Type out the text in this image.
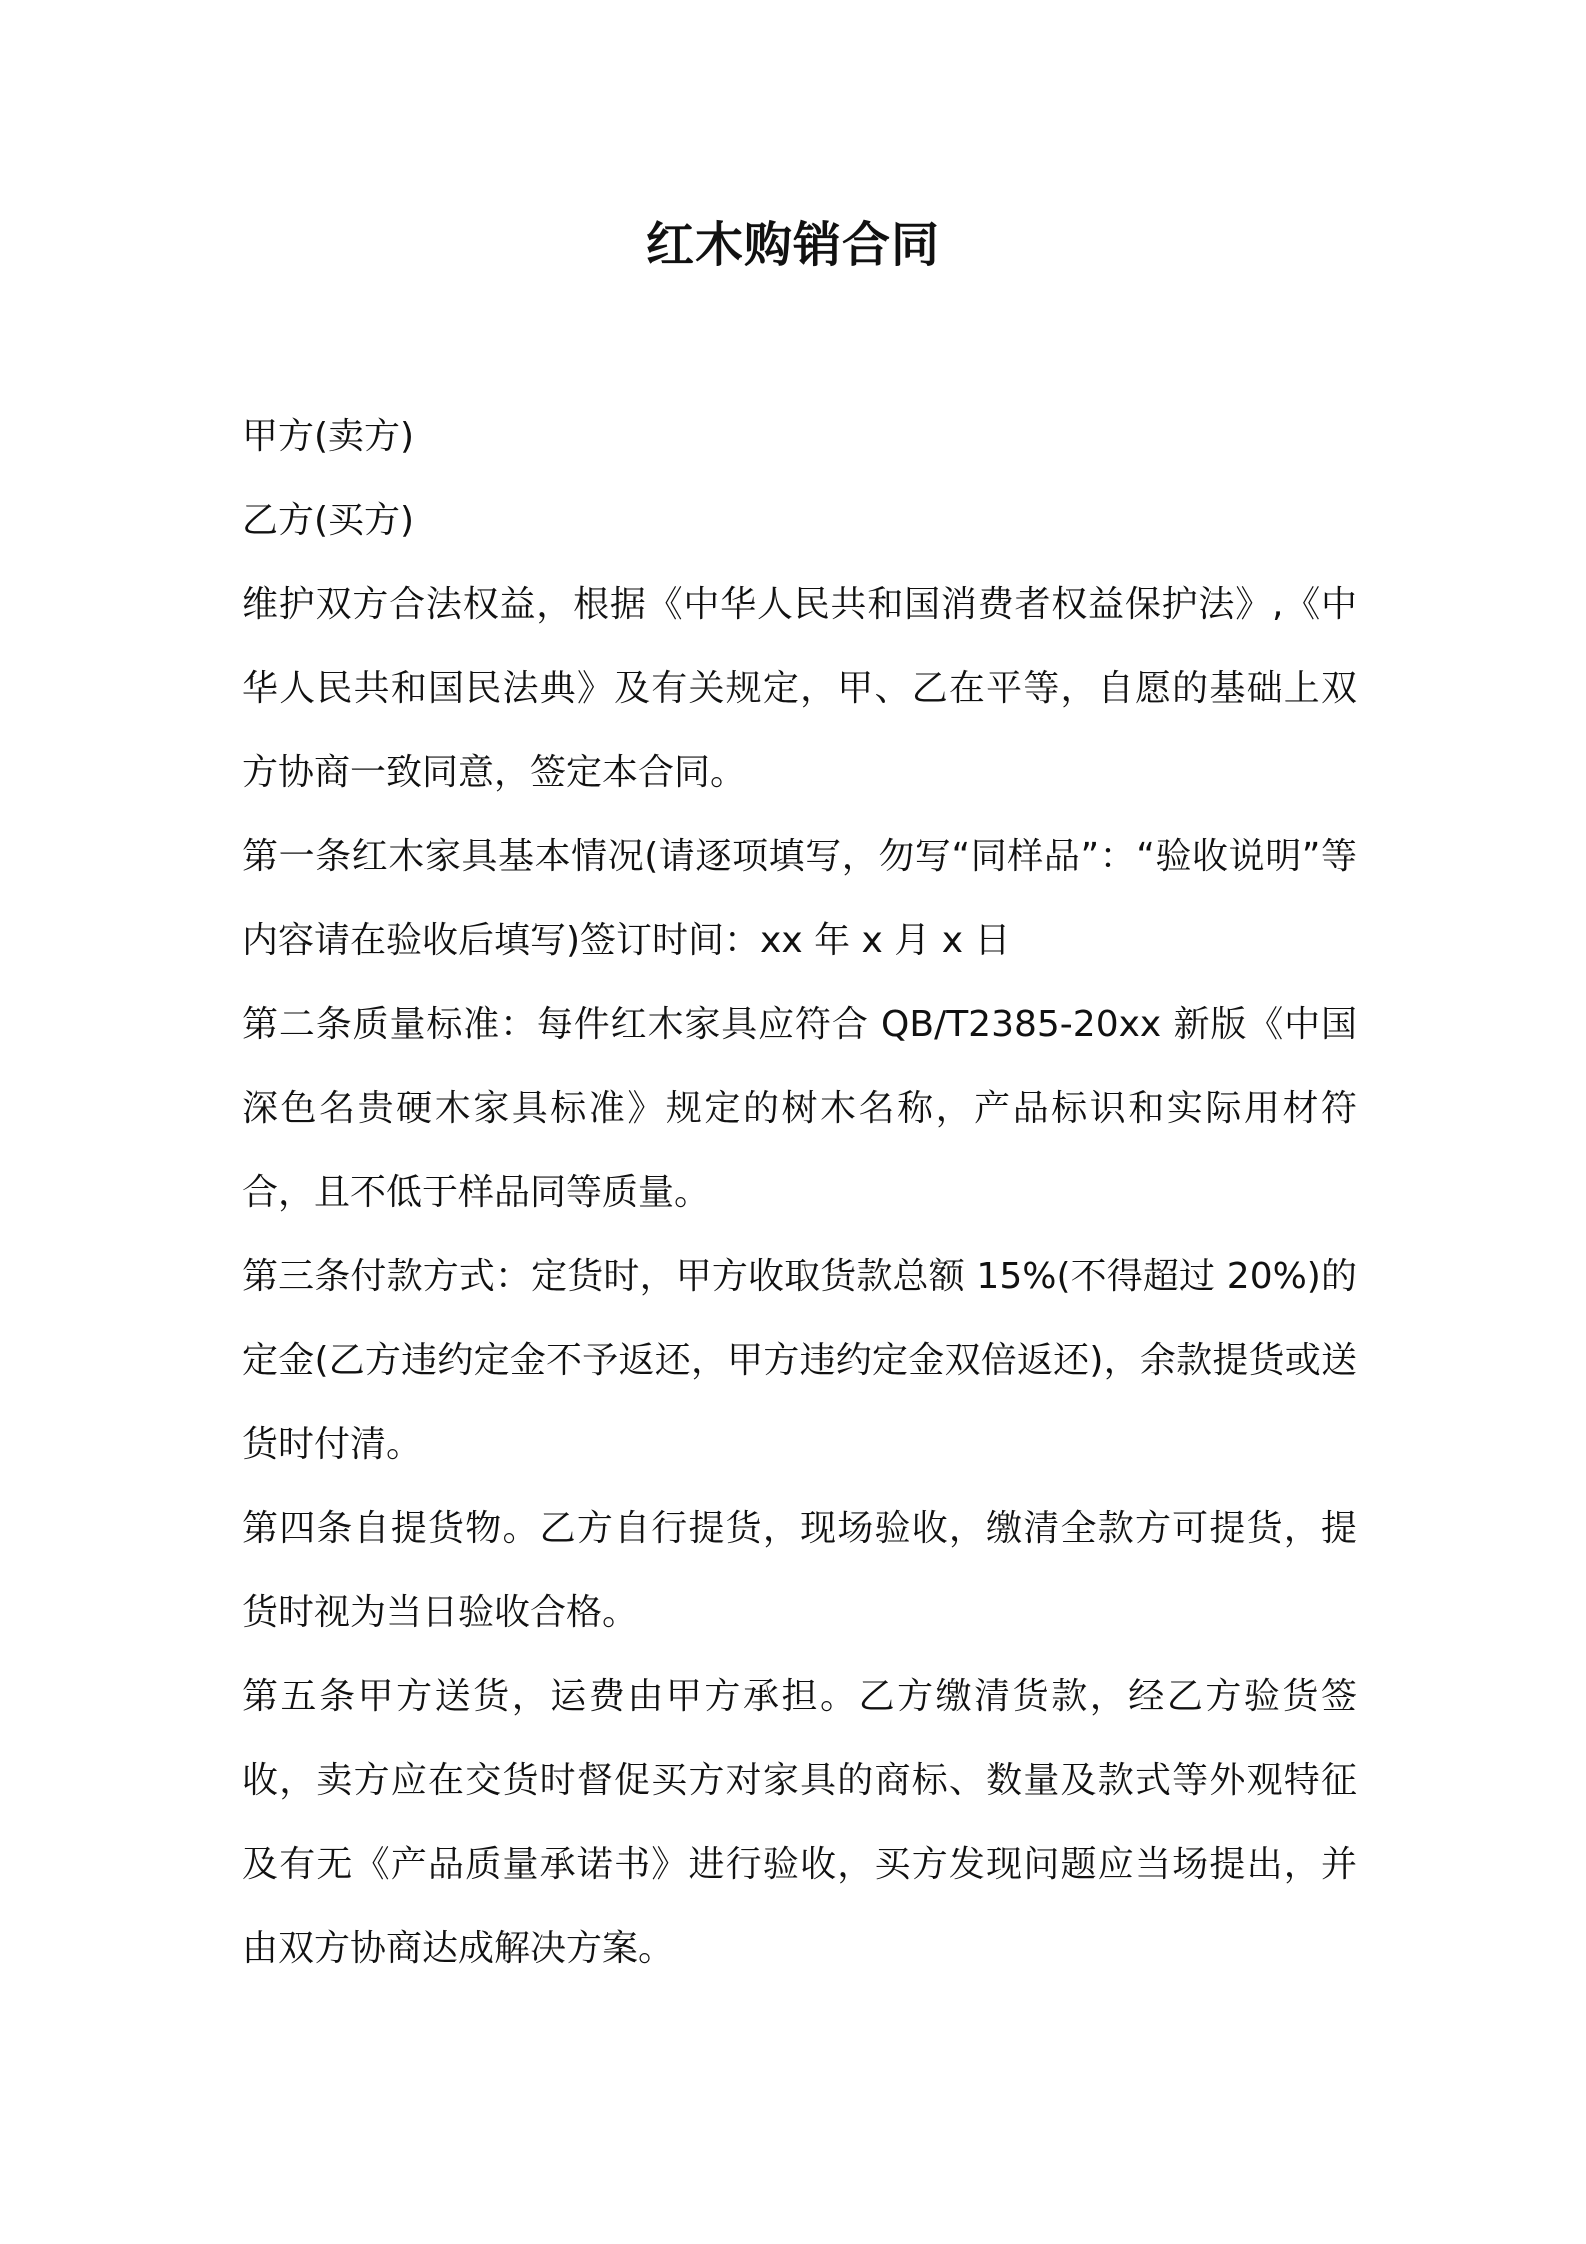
红木购销合同

甲方(卖方)

乙方(买方)

维护双方合法权益，根据《中华人民共和国消费者权益保护法》,《中华人民共和国民法典》及有关规定，甲、乙在平等，自愿的基础上双方协商一致同意，签定本合同。

第一条红木家具基本情况(请逐项填写，勿写“同样品”：“验收说明”等内容请在验收后填写)签订时间：xx 年 x 月 x 日

第二条质量标准：每件红木家具应符合 QB/T2385-20xx 新版《中国深色名贵硬木家具标准》规定的树木名称，产品标识和实际用材符合，且不低于样品同等质量。

第三条付款方式：定货时，甲方收取货款总额 15%(不得超过 20%)的定金(乙方违约定金不予返还，甲方违约定金双倍返还)，余款提货或送货时付清。

第四条自提货物。乙方自行提货，现场验收，缴清全款方可提货，提货时视为当日验收合格。

第五条甲方送货，运费由甲方承担。乙方缴清货款，经乙方验货签收，卖方应在交货时督促买方对家具的商标、数量及款式等外观特征及有无《产品质量承诺书》进行验收，买方发现问题应当场提出，并由双方协商达成解决方案。
